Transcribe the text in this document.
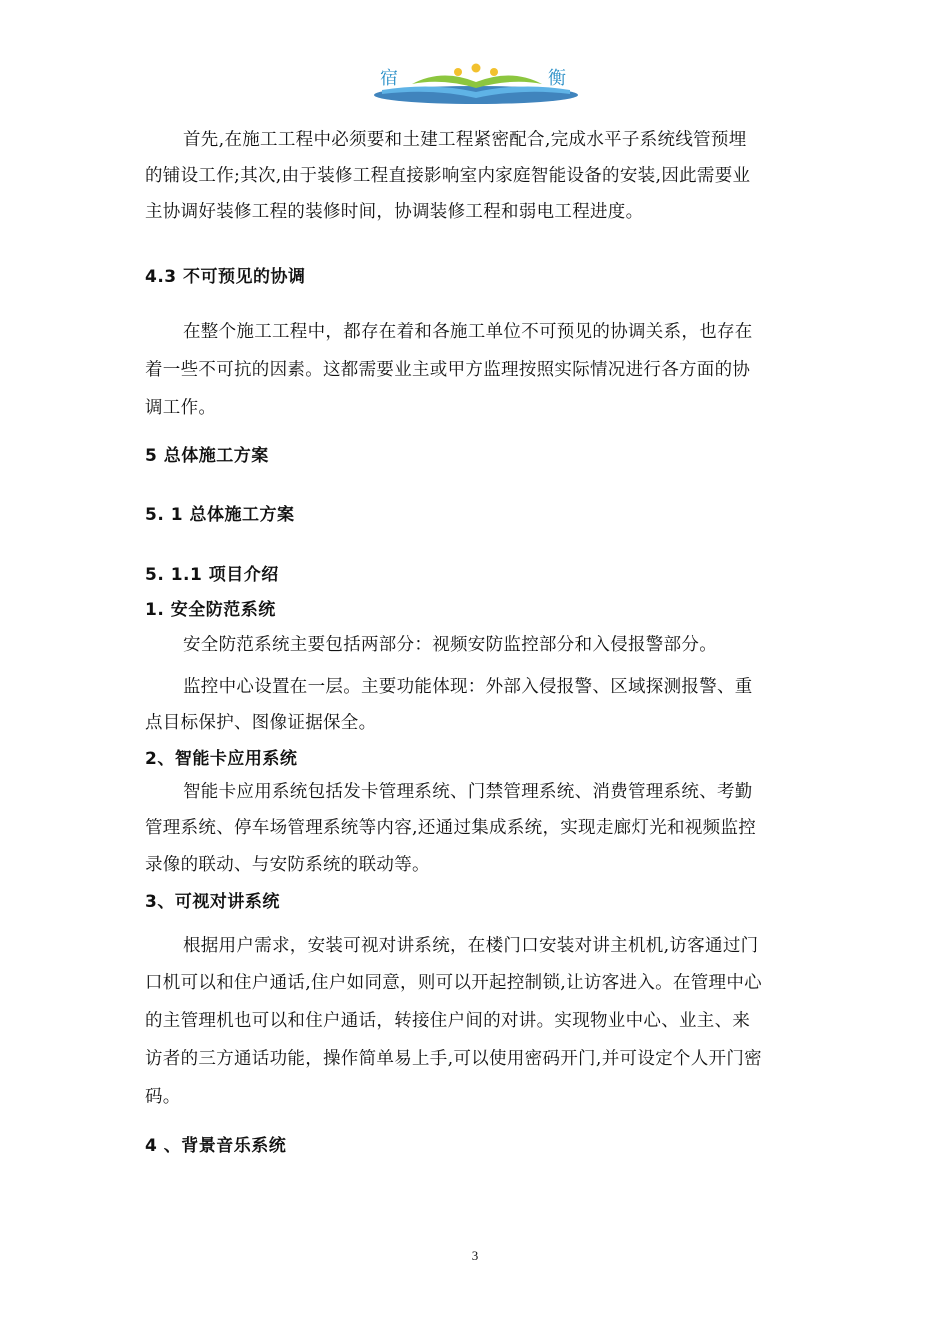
宿	衡
首先,在施工工程中必须要和土建工程紧密配合,完成水平子系统线管预埋
的铺设工作;其次,由于装修工程直接影响室内家庭智能设备的安装,因此需要业
主协调好装修工程的装修时间，协调装修工程和弱电工程进度。
4.3 不可预见的协调
在整个施工工程中，都存在着和各施工单位不可预见的协调关系，也存在
着一些不可抗的因素。这都需要业主或甲方监理按照实际情况进行各方面的协
调工作。
5 总体施工方案
5. 1 总体施工方案
5. 1.1 项目介绍
1. 安全防范系统
安全防范系统主要包括两部分：视频安防监控部分和入侵报警部分。
监控中心设置在一层。主要功能体现：外部入侵报警、区域探测报警、重
点目标保护、图像证据保全。
2、智能卡应用系统
智能卡应用系统包括发卡管理系统、门禁管理系统、消费管理系统、考勤
管理系统、停车场管理系统等内容,还通过集成系统，实现走廊灯光和视频监控
录像的联动、与安防系统的联动等。
3、可视对讲系统
根据用户需求，安装可视对讲系统，在楼门口安装对讲主机机,访客通过门
口机可以和住户通话,住户如同意，则可以开起控制锁,让访客进入。在管理中心
的主管理机也可以和住户通话，转接住户间的对讲。实现物业中心、业主、来
访者的三方通话功能，操作简单易上手,可以使用密码开门,并可设定个人开门密
码。
4 、背景音乐系统
3
